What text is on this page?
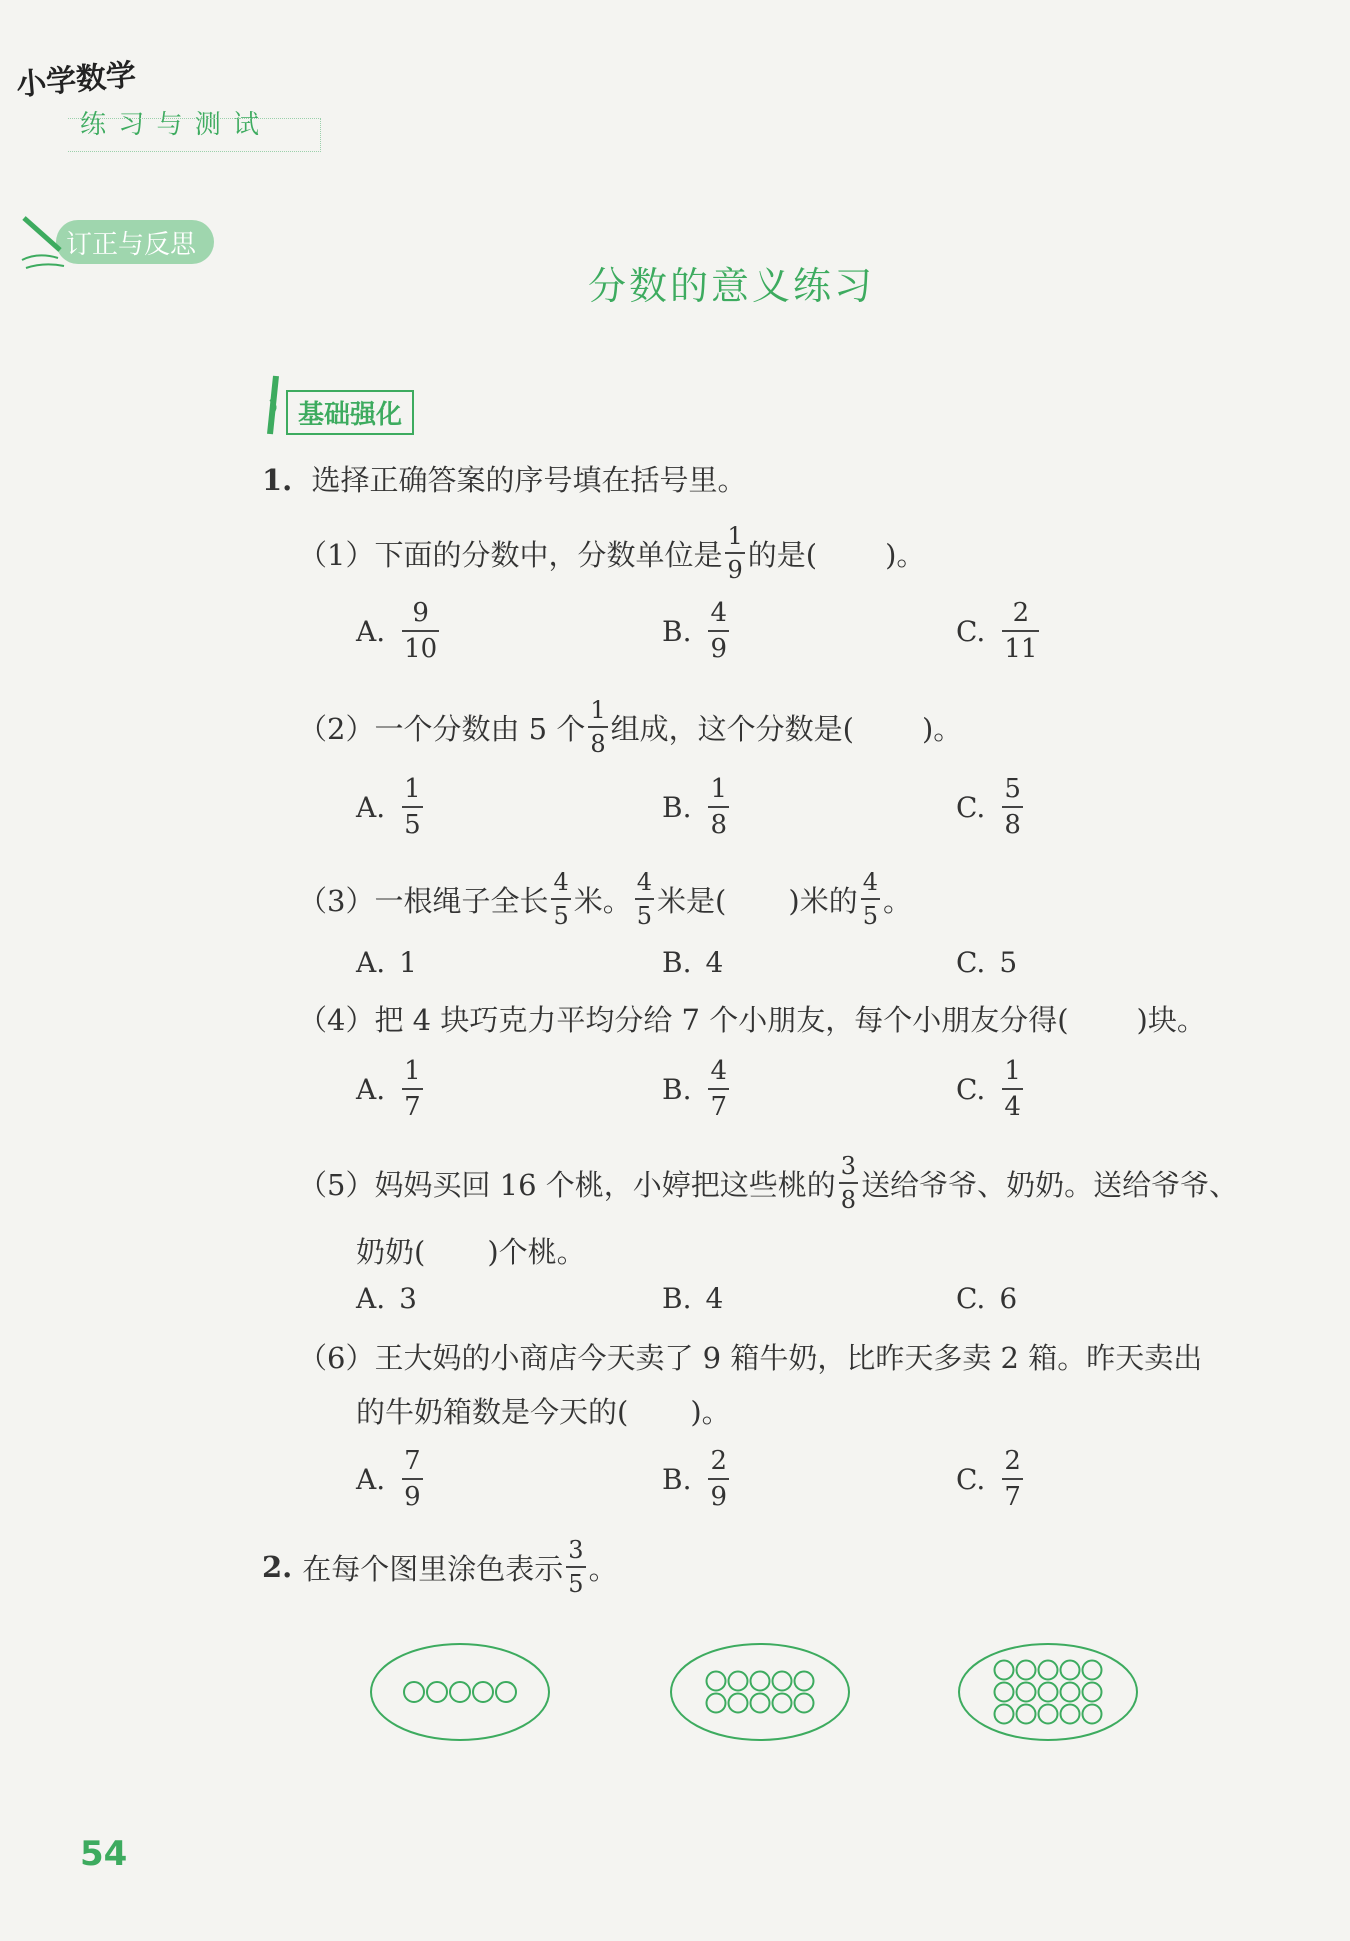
小学数学
练 习 与 测 试
订正与反思
分数的意义练习
基础强化
1. 选择正确答案的序号填在括号里。
（1） 下面的分数中，分数单位是 $\frac{1}{9}$ 的是( )。
A. $\frac{9}{10}$	B. $\frac{4}{9}$	C. $\frac{2}{11}$
（2） 一个分数由 5 个 $\frac{1}{8}$ 组成，这个分数是( )。
A. $\frac{1}{5}$	B. $\frac{1}{8}$	C. $\frac{5}{8}$
（3） 一根绳子全长 $\frac{4}{5}$ 米。 $\frac{4}{5}$ 米是( )米的 $\frac{4}{5}$ 。
A. 1	B. 4	C. 5
（4） 把 4 块巧克力平均分给 7 个小朋友，每个小朋友分得( )块。
A. $\frac{1}{7}$	B. $\frac{4}{7}$	C. $\frac{1}{4}$
（5） 妈妈买回 16 个桃，小婷把这些桃的 $\frac{3}{8}$ 送给爷爷、奶奶。送给爷爷、
奶奶( )个桃。
A. 3	B. 4	C. 6
（6） 王大妈的小商店今天卖了 9 箱牛奶，比昨天多卖 2 箱。昨天卖出
的牛奶箱数是今天的( )。
A. $\frac{7}{9}$	B. $\frac{2}{9}$	C. $\frac{2}{7}$
2. 在每个图里涂色表示 $\frac{3}{5}$ 。
54
